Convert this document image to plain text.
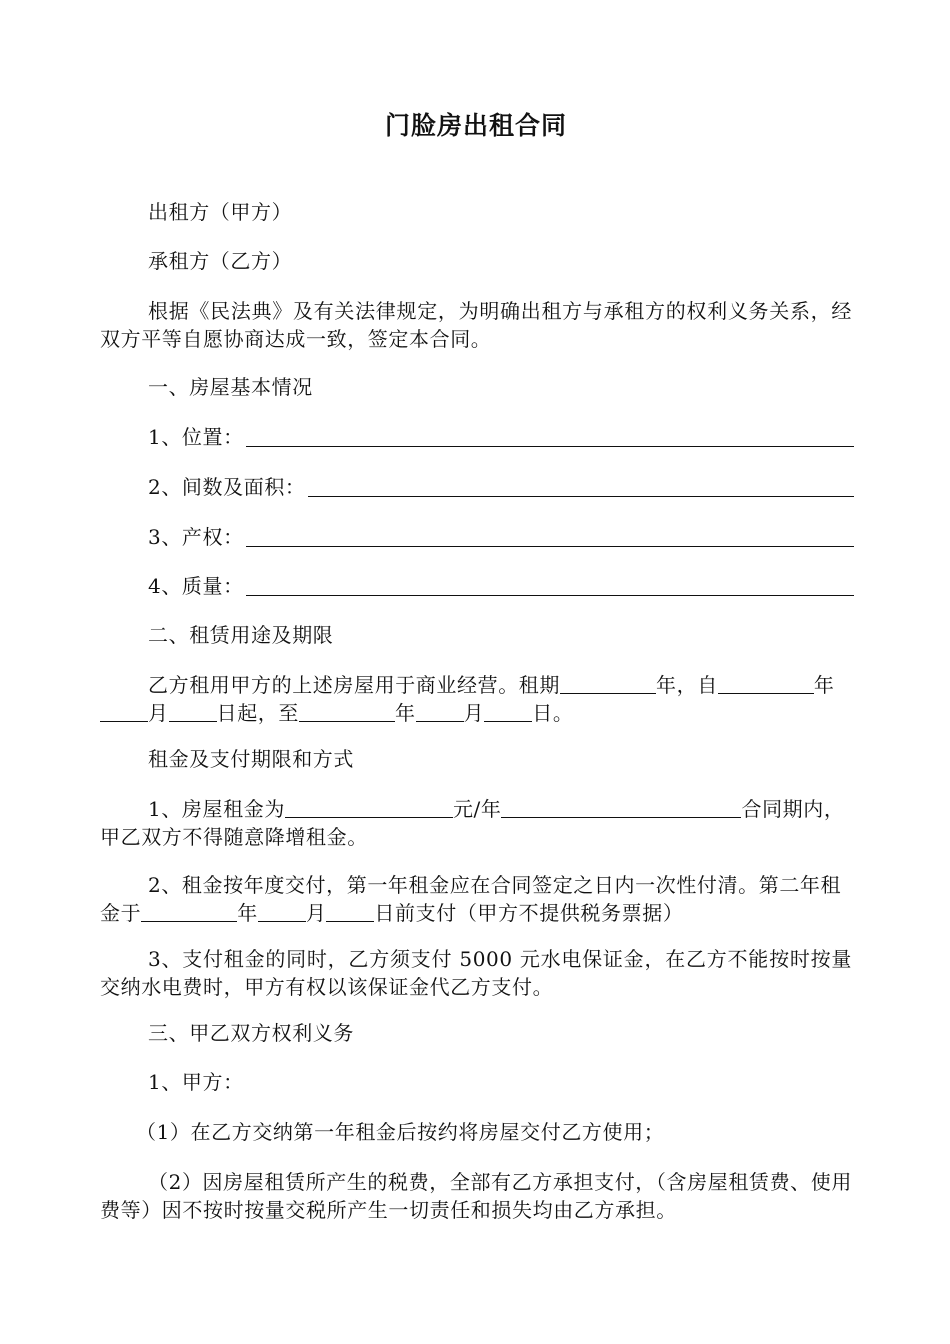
门脸房出租合同
出租方（甲方）
承租方（乙方）
根据《民法典》及有关法律规定，为明确出租方与承租方的权利义务关系，经双方平等自愿协商达成一致，签定本合同。
一、房屋基本情况
1、位置：
2、间数及面积：
3、产权：
4、质量：
二、租赁用途及期限
乙方租用甲方的上述房屋用于商业经营。租期	年，自	年月 日起，至	年 月 日。
租金及支付期限和方式
1、房屋租金为	元/年	合同期内，甲乙双方不得随意降增租金。
2、租金按年度交付，第一年租金应在合同签定之日内一次性付清。第二年租金于	年 月 日前支付（甲方不提供税务票据）
3、支付租金的同时，乙方须支付 5000 元水电保证金，在乙方不能按时按量交纳水电费时，甲方有权以该保证金代乙方支付。
三、甲乙双方权利义务
1、甲方：
（1）在乙方交纳第一年租金后按约将房屋交付乙方使用；
（2）因房屋租赁所产生的税费，全部有乙方承担支付，（含房屋租赁费、使用费等）因不按时按量交税所产生一切责任和损失均由乙方承担。
